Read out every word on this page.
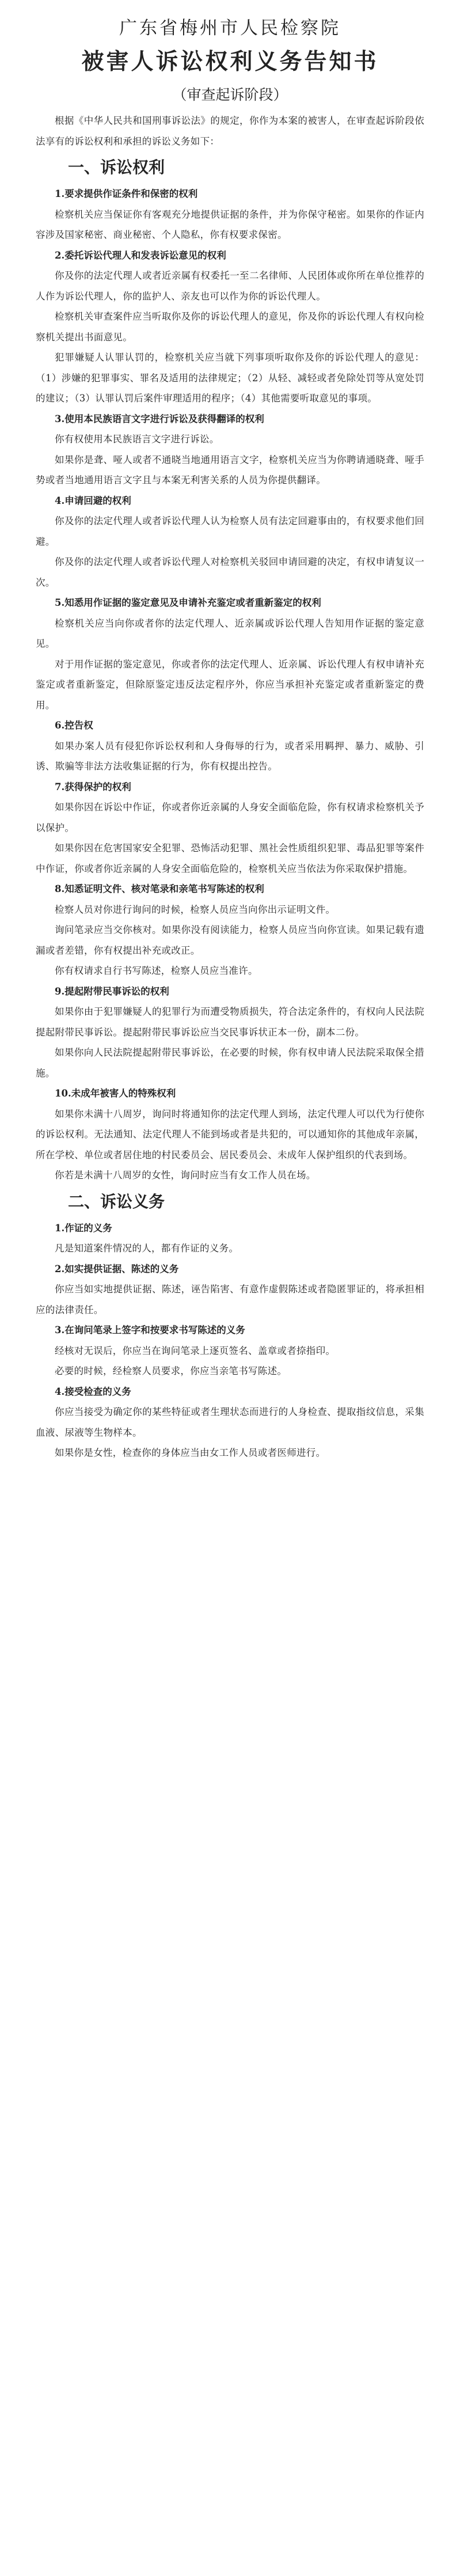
广东省梅州市人民检察院
被害人诉讼权利义务告知书
（审查起诉阶段）

根据《中华人民共和国刑事诉讼法》的规定，你作为本案的被害人，在审查起诉阶段依法享有的诉讼权利和承担的诉讼义务如下：

一、诉讼权利
1.要求提供作证条件和保密的权利

检察机关应当保证你有客观充分地提供证据的条件，并为你保守秘密。如果你的作证内容涉及国家秘密、商业秘密、个人隐私，你有权要求保密。

2.委托诉讼代理人和发表诉讼意见的权利

你及你的法定代理人或者近亲属有权委托一至二名律师、人民团体或你所在单位推荐的人作为诉讼代理人，你的监护人、亲友也可以作为你的诉讼代理人。

检察机关审查案件应当听取你及你的诉讼代理人的意见，你及你的诉讼代理人有权向检察机关提出书面意见。

犯罪嫌疑人认罪认罚的，检察机关应当就下列事项听取你及你的诉讼代理人的意见：（1）涉嫌的犯罪事实、罪名及适用的法律规定；（2）从轻、减轻或者免除处罚等从宽处罚的建议；（3）认罪认罚后案件审理适用的程序；（4）其他需要听取意见的事项。

3.使用本民族语言文字进行诉讼及获得翻译的权利

你有权使用本民族语言文字进行诉讼。

如果你是聋、哑人或者不通晓当地通用语言文字，检察机关应当为你聘请通晓聋、哑手势或者当地通用语言文字且与本案无利害关系的人员为你提供翻译。

4.申请回避的权利

你及你的法定代理人或者诉讼代理人认为检察人员有法定回避事由的，有权要求他们回避。

你及你的法定代理人或者诉讼代理人对检察机关驳回申请回避的决定，有权申请复议一次。

5.知悉用作证据的鉴定意见及申请补充鉴定或者重新鉴定的权利

检察机关应当向你或者你的法定代理人、近亲属或诉讼代理人告知用作证据的鉴定意见。

对于用作证据的鉴定意见，你或者你的法定代理人、近亲属、诉讼代理人有权申请补充鉴定或者重新鉴定，但除原鉴定违反法定程序外，你应当承担补充鉴定或者重新鉴定的费用。

6.控告权

如果办案人员有侵犯你诉讼权利和人身侮辱的行为，或者采用羁押、暴力、威胁、引诱、欺骗等非法方法收集证据的行为，你有权提出控告。

7.获得保护的权利

如果你因在诉讼中作证，你或者你近亲属的人身安全面临危险，你有权请求检察机关予以保护。

如果你因在危害国家安全犯罪、恐怖活动犯罪、黑社会性质组织犯罪、毒品犯罪等案件中作证，你或者你近亲属的人身安全面临危险的，检察机关应当依法为你采取保护措施。

8.知悉证明文件、核对笔录和亲笔书写陈述的权利

检察人员对你进行询问的时候，检察人员应当向你出示证明文件。

询问笔录应当交你核对。如果你没有阅读能力，检察人员应当向你宣读。如果记载有遗漏或者差错，你有权提出补充或改正。

你有权请求自行书写陈述，检察人员应当准许。

9.提起附带民事诉讼的权利

如果你由于犯罪嫌疑人的犯罪行为而遭受物质损失，符合法定条件的，有权向人民法院提起附带民事诉讼。提起附带民事诉讼应当交民事诉状正本一份，副本二份。

如果你向人民法院提起附带民事诉讼，在必要的时候，你有权申请人民法院采取保全措施。

10.未成年被害人的特殊权利

如果你未满十八周岁，询问时将通知你的法定代理人到场，法定代理人可以代为行使你的诉讼权利。无法通知、法定代理人不能到场或者是共犯的，可以通知你的其他成年亲属，所在学校、单位或者居住地的村民委员会、居民委员会、未成年人保护组织的代表到场。

你若是未满十八周岁的女性，询问时应当有女工作人员在场。

二、诉讼义务
1.作证的义务

凡是知道案件情况的人，都有作证的义务。

2.如实提供证据、陈述的义务

你应当如实地提供证据、陈述，诬告陷害、有意作虚假陈述或者隐匿罪证的，将承担相应的法律责任。

3.在询问笔录上签字和按要求书写陈述的义务

经核对无误后，你应当在询问笔录上逐页签名、盖章或者捺指印。

必要的时候，经检察人员要求，你应当亲笔书写陈述。

4.接受检查的义务

你应当接受为确定你的某些特征或者生理状态而进行的人身检查、提取指纹信息，采集血液、尿液等生物样本。

如果你是女性，检查你的身体应当由女工作人员或者医师进行。
